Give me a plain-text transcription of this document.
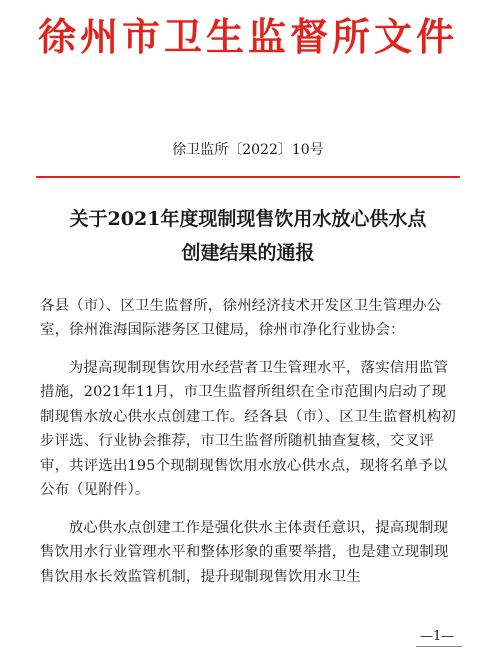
徐州市卫生监督所文件
徐卫监所〔2022〕10号
关于2021年度现制现售饮用水放心供水点
创建结果的通报
各县（市）、区卫生监督所，徐州经济技术开发区卫生管理办公室，徐州淮海国际港务区卫健局，徐州市净化行业协会：
为提高现制现售饮用水经营者卫生管理水平，落实信用监管措施，2021年11月，市卫生监督所组织在全市范围内启动了现制现售水放心供水点创建工作。经各县（市）、区卫生监督机构初步评选、行业协会推荐，市卫生监督所随机抽查复核，交叉评审，共评选出195个现制现售饮用水放心供水点，现将名单予以公布（见附件）。
放心供水点创建工作是强化供水主体责任意识，提高现制现售饮用水行业管理水平和整体形象的重要举措，也是建立现制现售饮用水长效监管机制，提升现制现售饮用水卫生
—1—
